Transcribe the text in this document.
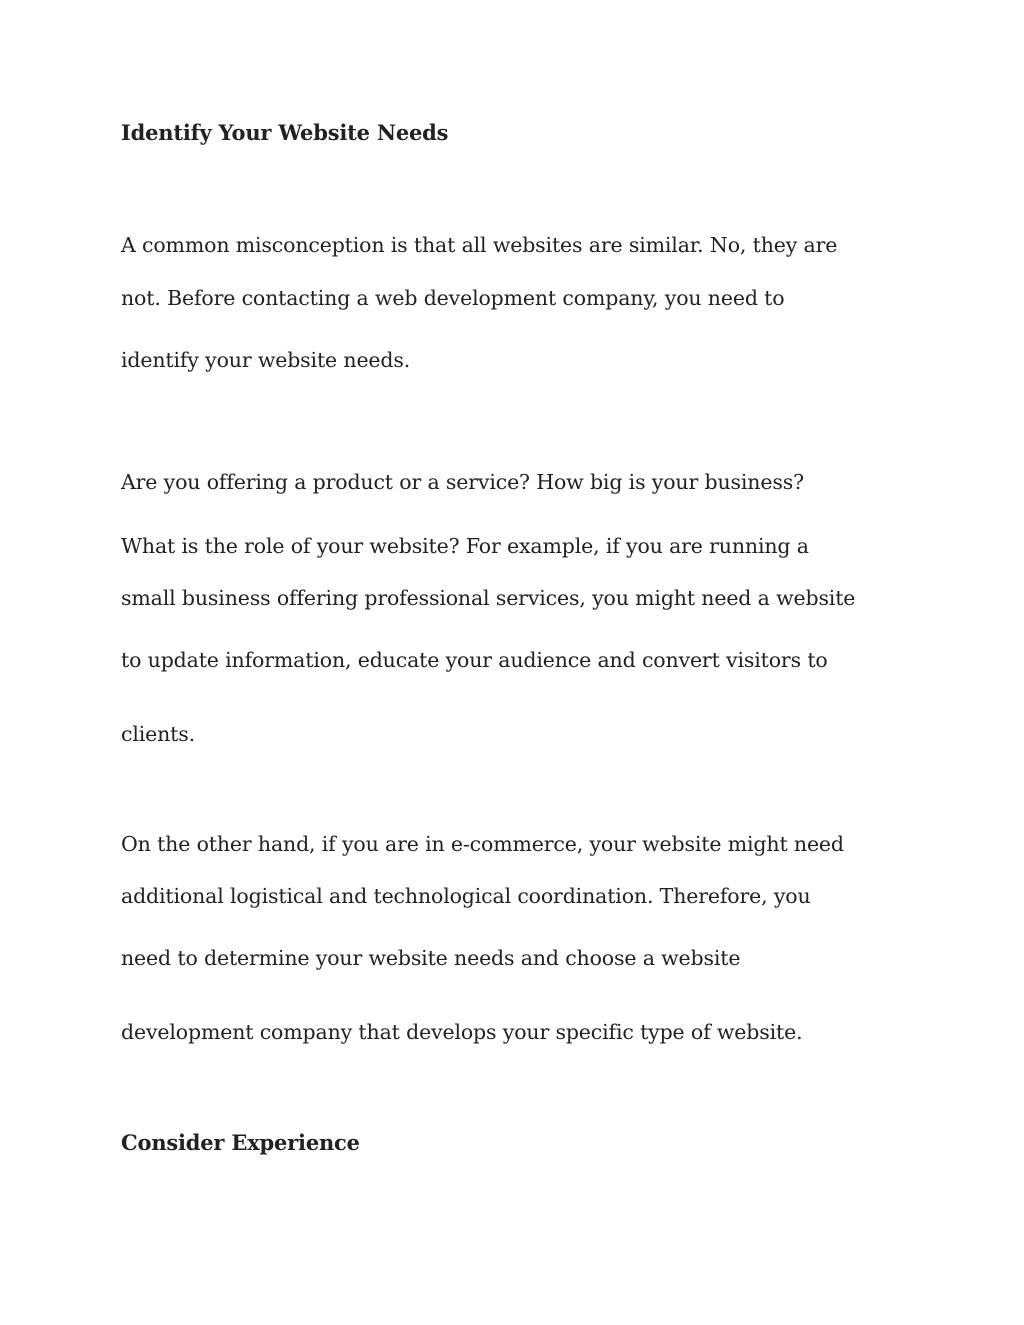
Identify Your Website Needs
A common misconception is that all websites are similar. No, they are
not. Before contacting a web development company, you need to
identify your website needs.
Are you offering a product or a service? How big is your business?
What is the role of your website? For example, if you are running a
small business offering professional services, you might need a website
to update information, educate your audience and convert visitors to
clients.
On the other hand, if you are in e-commerce, your website might need
additional logistical and technological coordination. Therefore, you
need to determine your website needs and choose a website
development company that develops your specific type of website.
Consider Experience
